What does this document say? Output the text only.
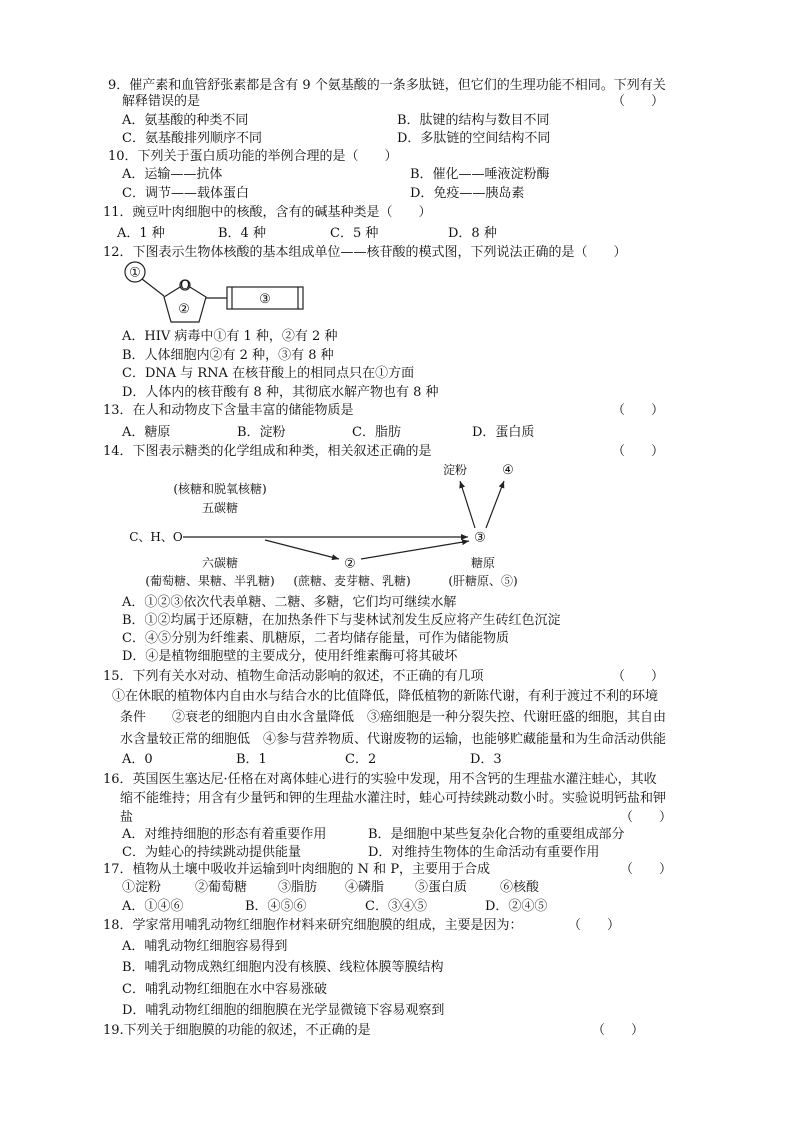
9．催产素和血管舒张素都是含有 9 个氨基酸的一条多肽链，但它们的生理功能不相同。下列有关
解释错误的是	（　　）
A．氨基酸的种类不同	B．肽键的结构与数目不同
C．氨基酸排列顺序不同	D．多肽链的空间结构不同
10．下列关于蛋白质功能的举例合理的是（　　）
A．运输——抗体	B．催化——唾液淀粉酶
C．调节——载体蛋白	D．免疫——胰岛素
11．豌豆叶肉细胞中的核酸，含有的碱基种类是（　　）
A．1 种	B．4 种	C．5 种	D．8 种
12．下图表示生物体核酸的基本组成单位——核苷酸的模式图，下列说法正确的是（　　）
①
O
②
③
A．HIV 病毒中①有 1 种，②有 2 种
B．人体细胞内②有 2 种，③有 8 种
C．DNA 与 RNA 在核苷酸上的相同点只在①方面
D．人体内的核苷酸有 8 种，其彻底水解产物也有 8 种
13．在人和动物皮下含量丰富的储能物质是	（　　）
A．糖原	B．淀粉	C．脂肪	D．蛋白质
14．下图表示糖类的化学组成和种类，相关叙述正确的是	（　　）
淀粉	④
(核糖和脱氧核糖)
五碳糖
C、H、O	③
六碳糖	②	糖原
(葡萄糖、果糖、半乳糖) (蔗糖、麦芽糖、乳糖)	(肝糖原、⑤)
A．①②③依次代表单糖、二糖、多糖，它们均可继续水解
B．①②均属于还原糖，在加热条件下与斐林试剂发生反应将产生砖红色沉淀
C．④⑤分别为纤维素、肌糖原，二者均储存能量，可作为储能物质
D．④是植物细胞壁的主要成分，使用纤维素酶可将其破坏
15．下列有关水对动、植物生命活动影响的叙述，不正确的有几项	（　　）
①在休眠的植物体内自由水与结合水的比值降低，降低植物的新陈代谢，有利于渡过不利的环境
条件　　②衰老的细胞内自由水含量降低　③癌细胞是一种分裂失控、代谢旺盛的细胞，其自由
水含量较正常的细胞低　④参与营养物质、代谢废物的运输，也能够贮藏能量和为生命活动供能
A．0	B．1	C．2	D．3
16．英国医生塞达尼·任格在对离体蛙心进行的实验中发现，用不含钙的生理盐水灌注蛙心，其收
缩不能维持；用含有少量钙和钾的生理盐水灌注时，蛙心可持续跳动数小时。实验说明钙盐和钾
盐	（　　）
A．对维持细胞的形态有着重要作用	B．是细胞中某些复杂化合物的重要组成部分
C．为蛙心的持续跳动提供能量	D．对维持生物体的生命活动有重要作用
17．植物从土壤中吸收并运输到叶肉细胞的 N 和 P，主要用于合成	（　　）
①淀粉	②葡萄糖 ③脂肪 ④磷脂 ⑤蛋白质	⑥核酸
A．①④⑥	B．④⑤⑥	C．③④⑤	D．②④⑤
18．学家常用哺乳动物红细胞作材料来研究细胞膜的组成，主要是因为：	（　　）
A．哺乳动物红细胞容易得到
B．哺乳动物成熟红细胞内没有核膜、线粒体膜等膜结构
C．哺乳动物红细胞在水中容易涨破
D．哺乳动物红细胞的细胞膜在光学显微镜下容易观察到
19.下列关于细胞膜的功能的叙述，不正确的是	（　　）
